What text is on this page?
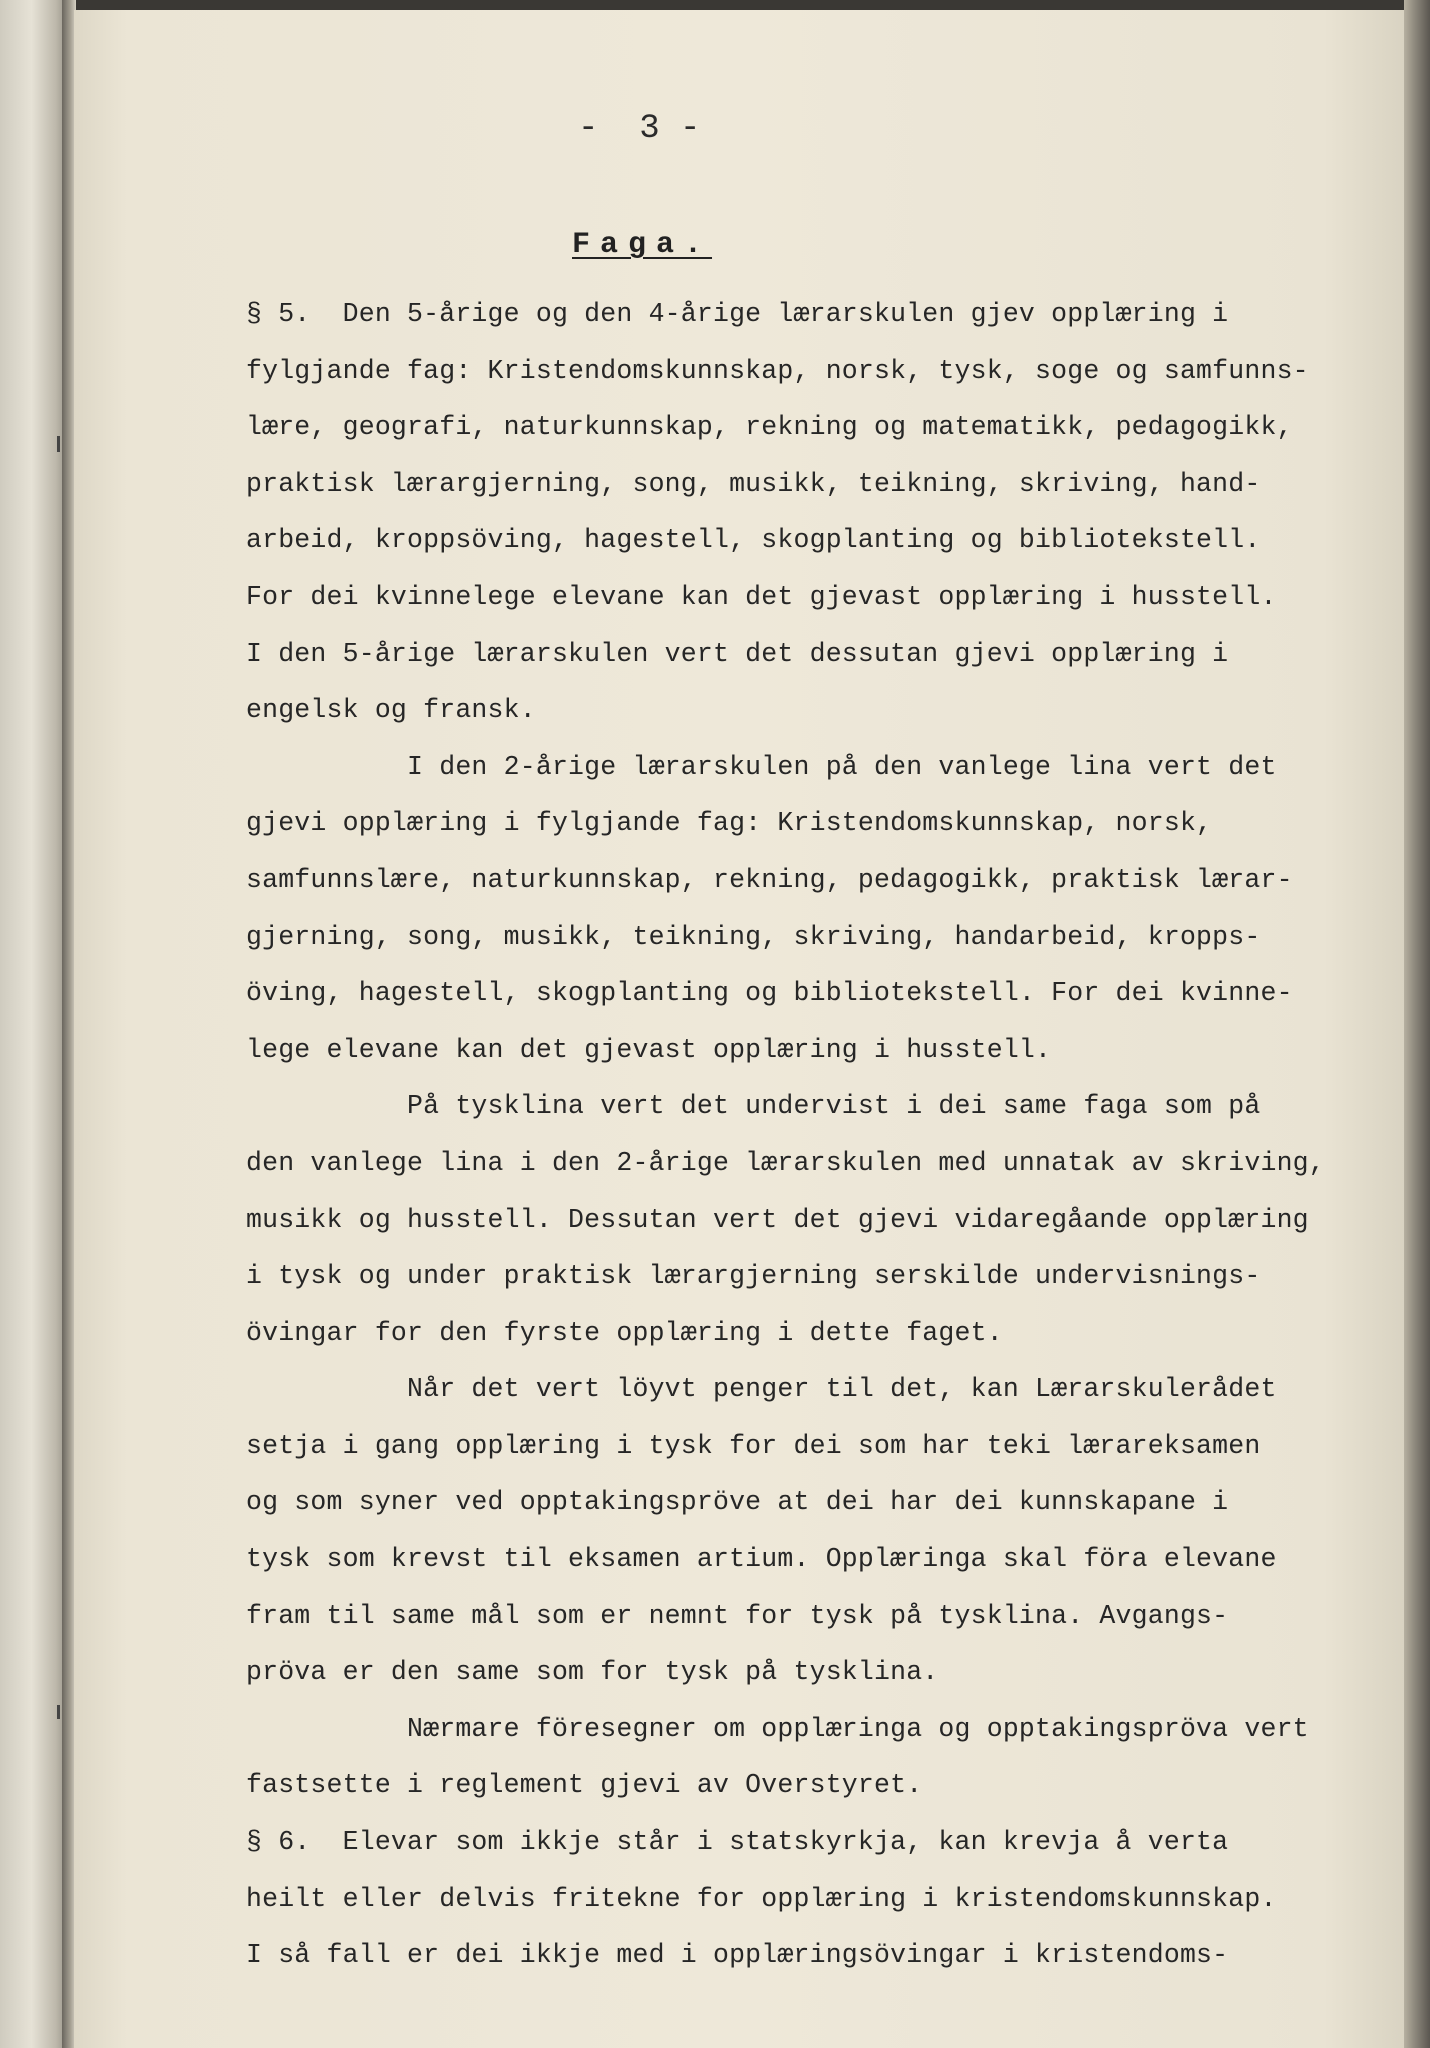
-  3 -
Faga.
§ 5.  Den 5-årige og den 4-årige lærarskulen gjev opplæring i
fylgjande fag: Kristendomskunnskap, norsk, tysk, soge og samfunns-
lære, geografi, naturkunnskap, rekning og matematikk, pedagogikk,
praktisk lærargjerning, song, musikk, teikning, skriving, hand-
arbeid, kroppsöving, hagestell, skogplanting og bibliotekstell.
For dei kvinnelege elevane kan det gjevast opplæring i husstell.
I den 5-årige lærarskulen vert det dessutan gjevi opplæring i
engelsk og fransk.
I den 2-årige lærarskulen på den vanlege lina vert det
gjevi opplæring i fylgjande fag: Kristendomskunnskap, norsk,
samfunnslære, naturkunnskap, rekning, pedagogikk, praktisk lærar-
gjerning, song, musikk, teikning, skriving, handarbeid, kropps-
öving, hagestell, skogplanting og bibliotekstell. For dei kvinne-
lege elevane kan det gjevast opplæring i husstell.
På tysklina vert det undervist i dei same faga som på
den vanlege lina i den 2-årige lærarskulen med unnatak av skriving,
musikk og husstell. Dessutan vert det gjevi vidaregåande opplæring
i tysk og under praktisk lærargjerning serskilde undervisnings-
övingar for den fyrste opplæring i dette faget.
Når det vert löyvt penger til det, kan Lærarskulerådet
setja i gang opplæring i tysk for dei som har teki lærareksamen
og som syner ved opptakingspröve at dei har dei kunnskapane i
tysk som krevst til eksamen artium. Opplæringa skal föra elevane
fram til same mål som er nemnt for tysk på tysklina. Avgangs-
pröva er den same som for tysk på tysklina.
Nærmare föresegner om opplæringa og opptakingspröva vert
fastsette i reglement gjevi av Overstyret.
§ 6.  Elevar som ikkje står i statskyrkja, kan krevja å verta
heilt eller delvis fritekne for opplæring i kristendomskunnskap.
I så fall er dei ikkje med i opplæringsövingar i kristendoms-
